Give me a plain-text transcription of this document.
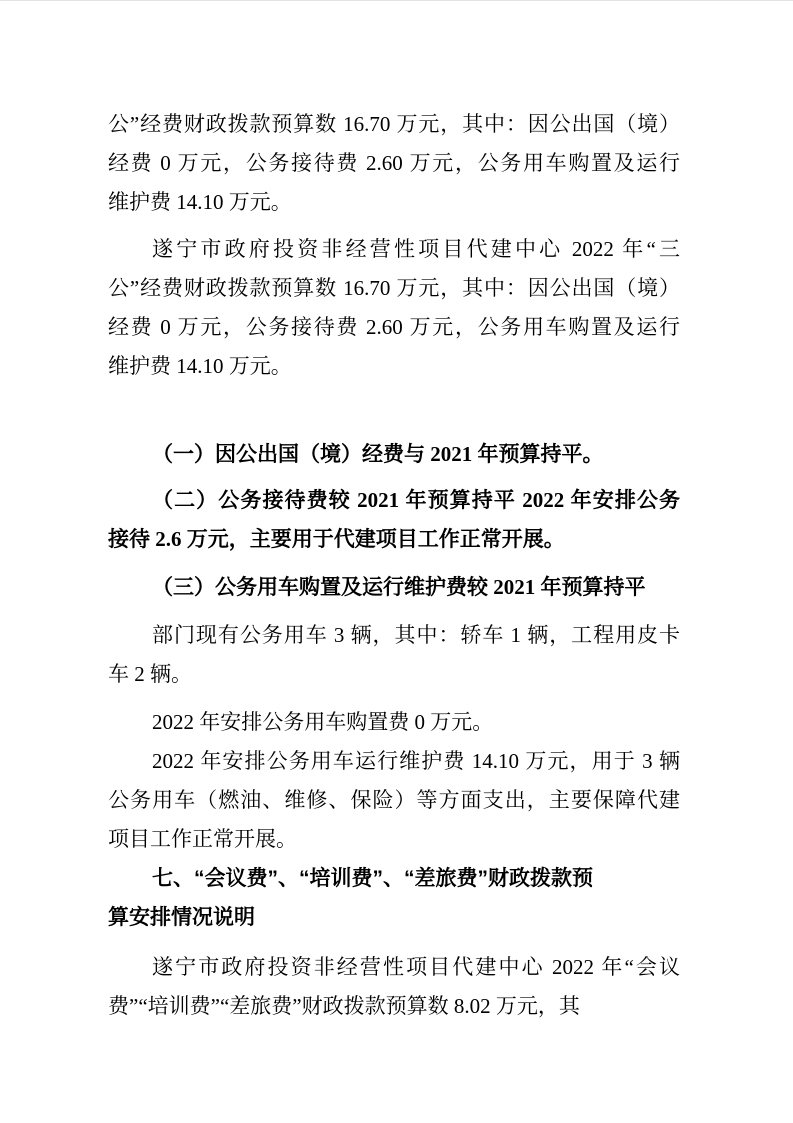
公”经费财政拨款预算数 16.70 万元，其中：因公出国（境）
经费 0 万元，公务接待费 2.60 万元，公务用车购置及运行
维护费 14.10 万元。
遂宁市政府投资非经营性项目代建中心 2022 年“三
公”经费财政拨款预算数 16.70 万元，其中：因公出国（境）
经费 0 万元，公务接待费 2.60 万元，公务用车购置及运行
维护费 14.10 万元。
（一）因公出国（境）经费与 2021 年预算持平。
（二）公务接待费较 2021 年预算持平 2022 年安排公务
接待 2.6 万元，主要用于代建项目工作正常开展。
（三）公务用车购置及运行维护费较 2021 年预算持平
部门现有公务用车 3 辆，其中：轿车 1 辆，工程用皮卡
车 2 辆。
2022 年安排公务用车购置费 0 万元。
2022 年安排公务用车运行维护费 14.10 万元，用于 3 辆
公务用车（燃油、维修、保险）等方面支出，主要保障代建
项目工作正常开展。
七、“会议费”、“培训费”、“差旅费”财政拨款预
算安排情况说明
遂宁市政府投资非经营性项目代建中心 2022 年“会议
费”“培训费”“差旅费”财政拨款预算数 8.02 万元，其
